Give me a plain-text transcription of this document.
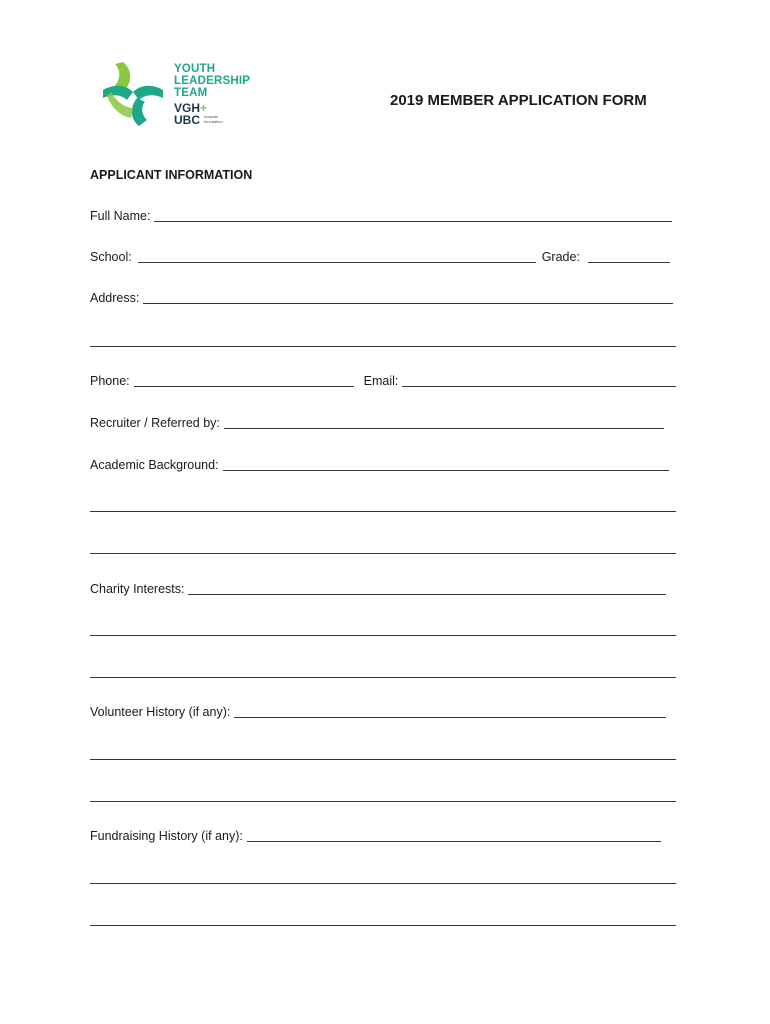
YOUTH
LEADERSHIP
TEAM
VGH+
UBC	hospital foundation
2019 MEMBER APPLICATION FORM
APPLICANT INFORMATION
Full Name:
School:	Grade:
Address:
Phone:	Email:
Recruiter / Referred by:
Academic Background:
Charity Interests:
Volunteer History (if any):
Fundraising History (if any):
